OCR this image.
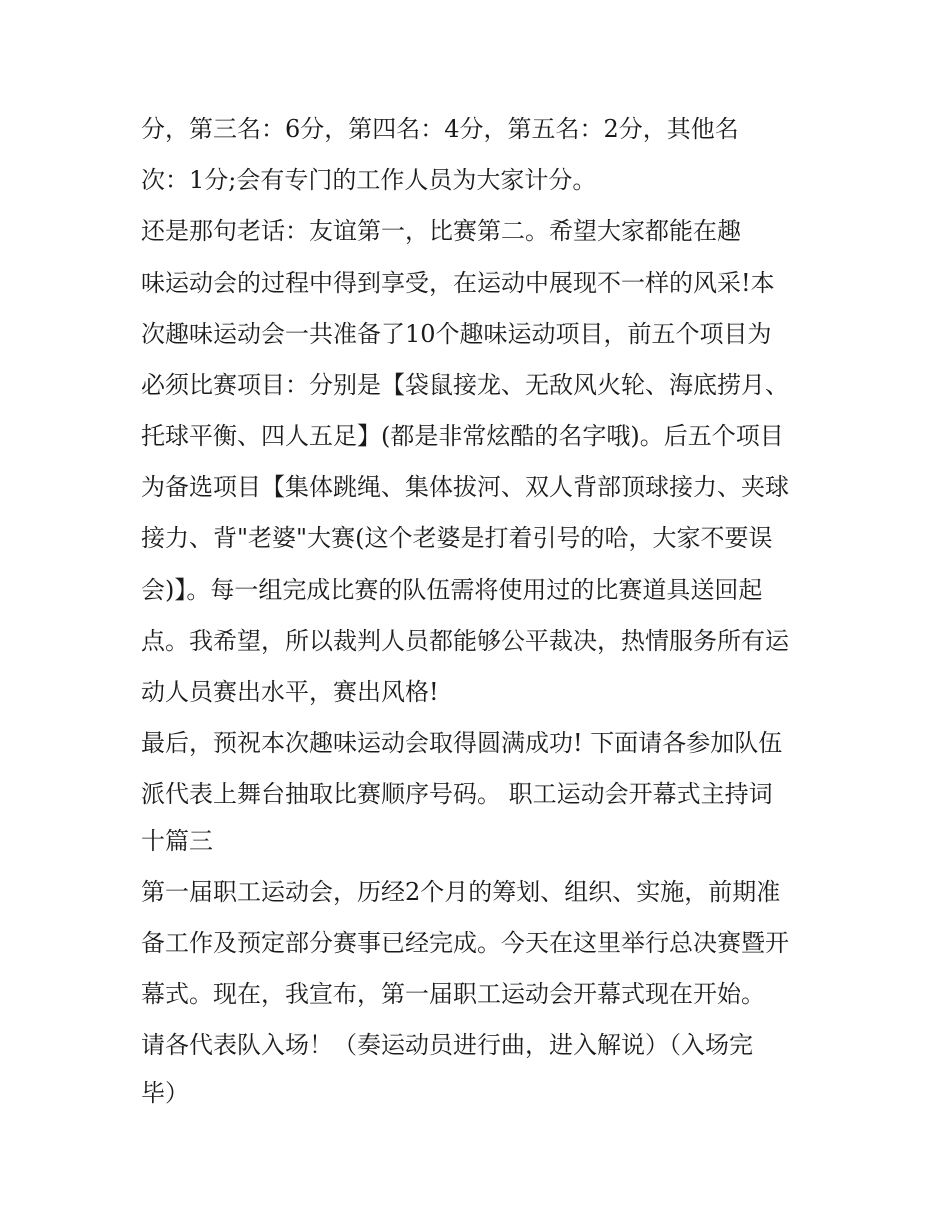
分，第三名：6分，第四名：4分，第五名：2分，其他名
次：1分;会有专门的工作人员为大家计分。
还是那句老话：友谊第一，比赛第二。希望大家都能在趣
味运动会的过程中得到享受，在运动中展现不一样的风采!本
次趣味运动会一共准备了10个趣味运动项目，前五个项目为
必须比赛项目：分别是【袋鼠接龙、无敌风火轮、海底捞月、
托球平衡、四人五足】(都是非常炫酷的名字哦)。后五个项目
为备选项目【集体跳绳、集体拔河、双人背部顶球接力、夹球
接力、背"老婆"大赛(这个老婆是打着引号的哈，大家不要误
会)】。每一组完成比赛的队伍需将使用过的比赛道具送回起
点。我希望，所以裁判人员都能够公平裁决，热情服务所有运
动人员赛出水平，赛出风格!
最后，预祝本次趣味运动会取得圆满成功! 下面请各参加队伍
派代表上舞台抽取比赛顺序号码。 职工运动会开幕式主持词
十篇三
第一届职工运动会，历经2个月的筹划、组织、实施，前期准
备工作及预定部分赛事已经完成。今天在这里举行总决赛暨开
幕式。现在，我宣布，第一届职工运动会开幕式现在开始。
请各代表队入场！（奏运动员进行曲，进入解说）（入场完
毕）
